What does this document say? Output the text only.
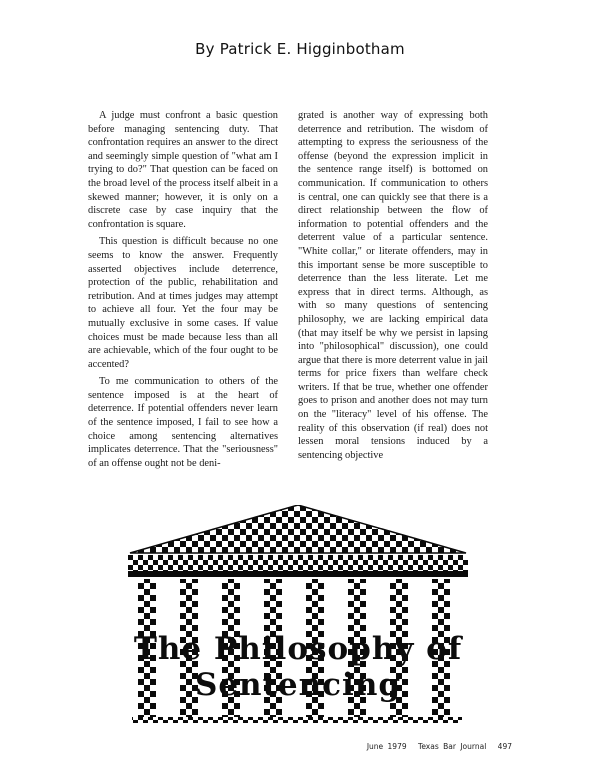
By Patrick E. Higginbotham

A judge must confront a basic question before managing sentencing duty. That confrontation requires an answer to the direct and seemingly simple question of "what am I trying to do?" That question can be faced on the broad level of the process itself albeit in a skewed manner; however, it is only on a discrete case by case inquiry that the confrontation is square.

This question is difficult because no one seems to know the answer. Frequently asserted objectives include deterrence, protection of the public, rehabilitation and retribution. And at times judges may attempt to achieve all four. Yet the four may be mutually exclusive in some cases. If value choices must be made because less than all are achievable, which of the four ought to be accented?

To me communication to others of the sentence imposed is at the heart of deterrence. If potential offenders never learn of the sentence imposed, I fail to see how a choice among sentencing alternatives implicates deterrence. That the "seriousness" of an offense ought not be deni-

grated is another way of expressing both deterrence and retribution. The wisdom of attempting to express the seriousness of the offense (beyond the expression implicit in the sentence range itself) is bottomed on communication. If communication to others is central, one can quickly see that there is a direct relationship between the flow of information to potential offenders and the deterrent value of a particular sentence. "White collar," or literate offenders, may in this important sense be more susceptible to deterrence than the less literate. Let me express that in direct terms. Although, as with so many questions of sentencing philosophy, we are lacking empirical data (that may itself be why we persist in lapsing into "philosophical" discussion), one could argue that there is more deterrent value in jail terms for price fixers than welfare check writers. If that be true, whether one offender goes to prison and another does not may turn on the "literacy" level of his offense. The reality of this observation (if real) does not lessen moral tensions induced by a sentencing objective

The Philosophy of Sentencing
June 1979 Texas Bar Journal 497
